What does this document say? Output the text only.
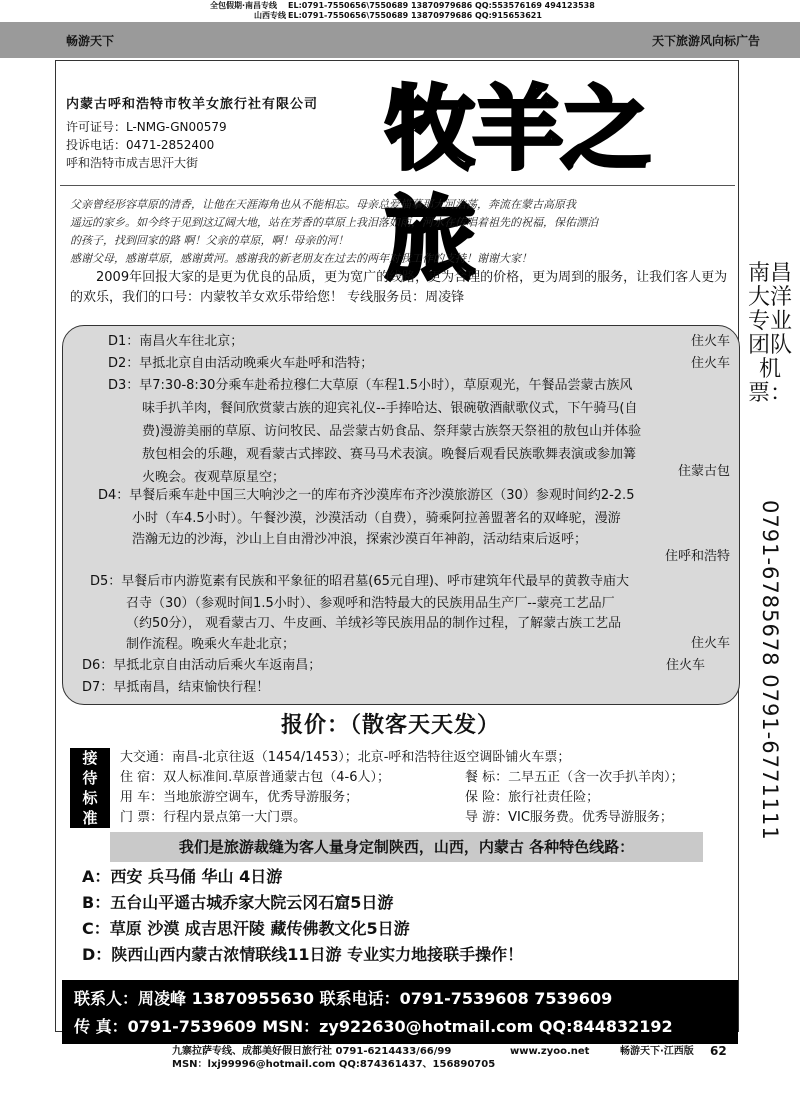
全包假期·南昌专线 EL:0791-7550656\7550689 13870979686 QQ:553576169 494123538
山西专线 EL:0791-7550656\7550689 13870979686 QQ:915653621
畅游天下	天下旅游风向标广告
内蒙古呼和浩特市牧羊女旅行社有限公司
许可证号：L-NMG-GN00579
投诉电话：0471-2852400
呼和浩特市成吉思汗大街 牧羊之旅
父亲曾经形容草原的清香，让他在天涯海角也从不能相忘。母亲总爱描摹那大河浩荡，奔流在蒙古高原我
遥远的家乡。如今终于见到这辽阔大地，站在芳香的草原上我泪落如雨，河水在传唱着祖先的祝福，保佑漂泊
的孩子，找到回家的路 啊！父亲的草原，啊！母亲的河！
感谢父母，感谢草原，感谢黄河。感谢我的新老朋友在过去的两年对我工作的支持！谢谢大家！
2009年回报大家的是更为优良的品质，更为宽广的线路，更为合理的价格，更为周到的服务，让我们客人更为的欢乐，我们的口号：内蒙牧羊女欢乐带给您！ 专线服务员：周凌锋
D1：南昌火车往北京；	住火车
D2：早抵北京自由活动晚乘火车赴呼和浩特；	住火车
D3：早7:30-8:30分乘车赴希拉穆仁大草原（车程1.5小时），草原观光，午餐品尝蒙古族风
味手扒羊肉，餐间欣赏蒙古族的迎宾礼仪--手捧哈达、银碗敬酒献歌仪式，下午骑马(自
费)漫游美丽的草原、访问牧民、品尝蒙古奶食品、祭拜蒙古族祭天祭祖的敖包山并体验
敖包相会的乐趣，观看蒙古式摔跤、赛马马术表演。晚餐后观看民族歌舞表演或参加篝
火晚会。夜观草原星空；	住蒙古包
D4：早餐后乘车赴中国三大响沙之一的库布齐沙漠库布齐沙漠旅游区（30）参观时间约2-2.5
小时（车4.5小时）。午餐沙漠，沙漠活动（自费），骑乘阿拉善盟著名的双峰驼，漫游
浩瀚无边的沙海，沙山上自由滑沙冲浪，探索沙漠百年神韵，活动结束后返呼；
住呼和浩特
D5：早餐后市内游览素有民族和平象征的昭君墓(65元自理)、呼市建筑年代最早的黄教寺庙大
召寺（30）（参观时间1.5小时）、参观呼和浩特最大的民族用品生产厂--蒙亮工艺品厂
（约50分）， 观看蒙古刀、牛皮画、羊绒衫等民族用品的制作过程，了解蒙古族工艺品
制作流程。晚乘火车赴北京；	住火车
D6：早抵北京自由活动后乘火车返南昌；	住火车
D7：早抵南昌，结束愉快行程！
报价：（散客天天发）
接待标准
大交通：南昌-北京往返（1454/1453）；北京-呼和浩特往返空调卧铺火车票；
住 宿：双人标准间.草原普通蒙古包（4-6人）；	餐 标：二早五正（含一次手扒羊肉）；
用 车：当地旅游空调车，优秀导游服务；	保 险：旅行社责任险；
门 票：行程内景点第一大门票。	导 游：VIC服务费。优秀导游服务；
我们是旅游裁缝为客人量身定制陕西，山西，内蒙古 各种特色线路：
A：西安 兵马俑 华山 4日游
B：五台山平遥古城乔家大院云冈石窟5日游
C：草原 沙漠 成吉思汗陵 藏传佛教文化5日游
D：陕西山西内蒙古浓情联线11日游 专业实力地接联手操作！
联系人：周凌峰 13870955630 联系电话：0791-7539608 7539609
传 真：0791-7539609 MSN：zy922630@hotmail.com QQ:844832192
南昌大洋专业团队机票：
0791-6785678 0791-6771111
九寨拉萨专线、成都美好假日旅行社 0791-6214433/66/99
MSN：lxj99996@hotmail.com QQ:874361437、156890705
www.zyoo.net	畅游天下·江西版 62
